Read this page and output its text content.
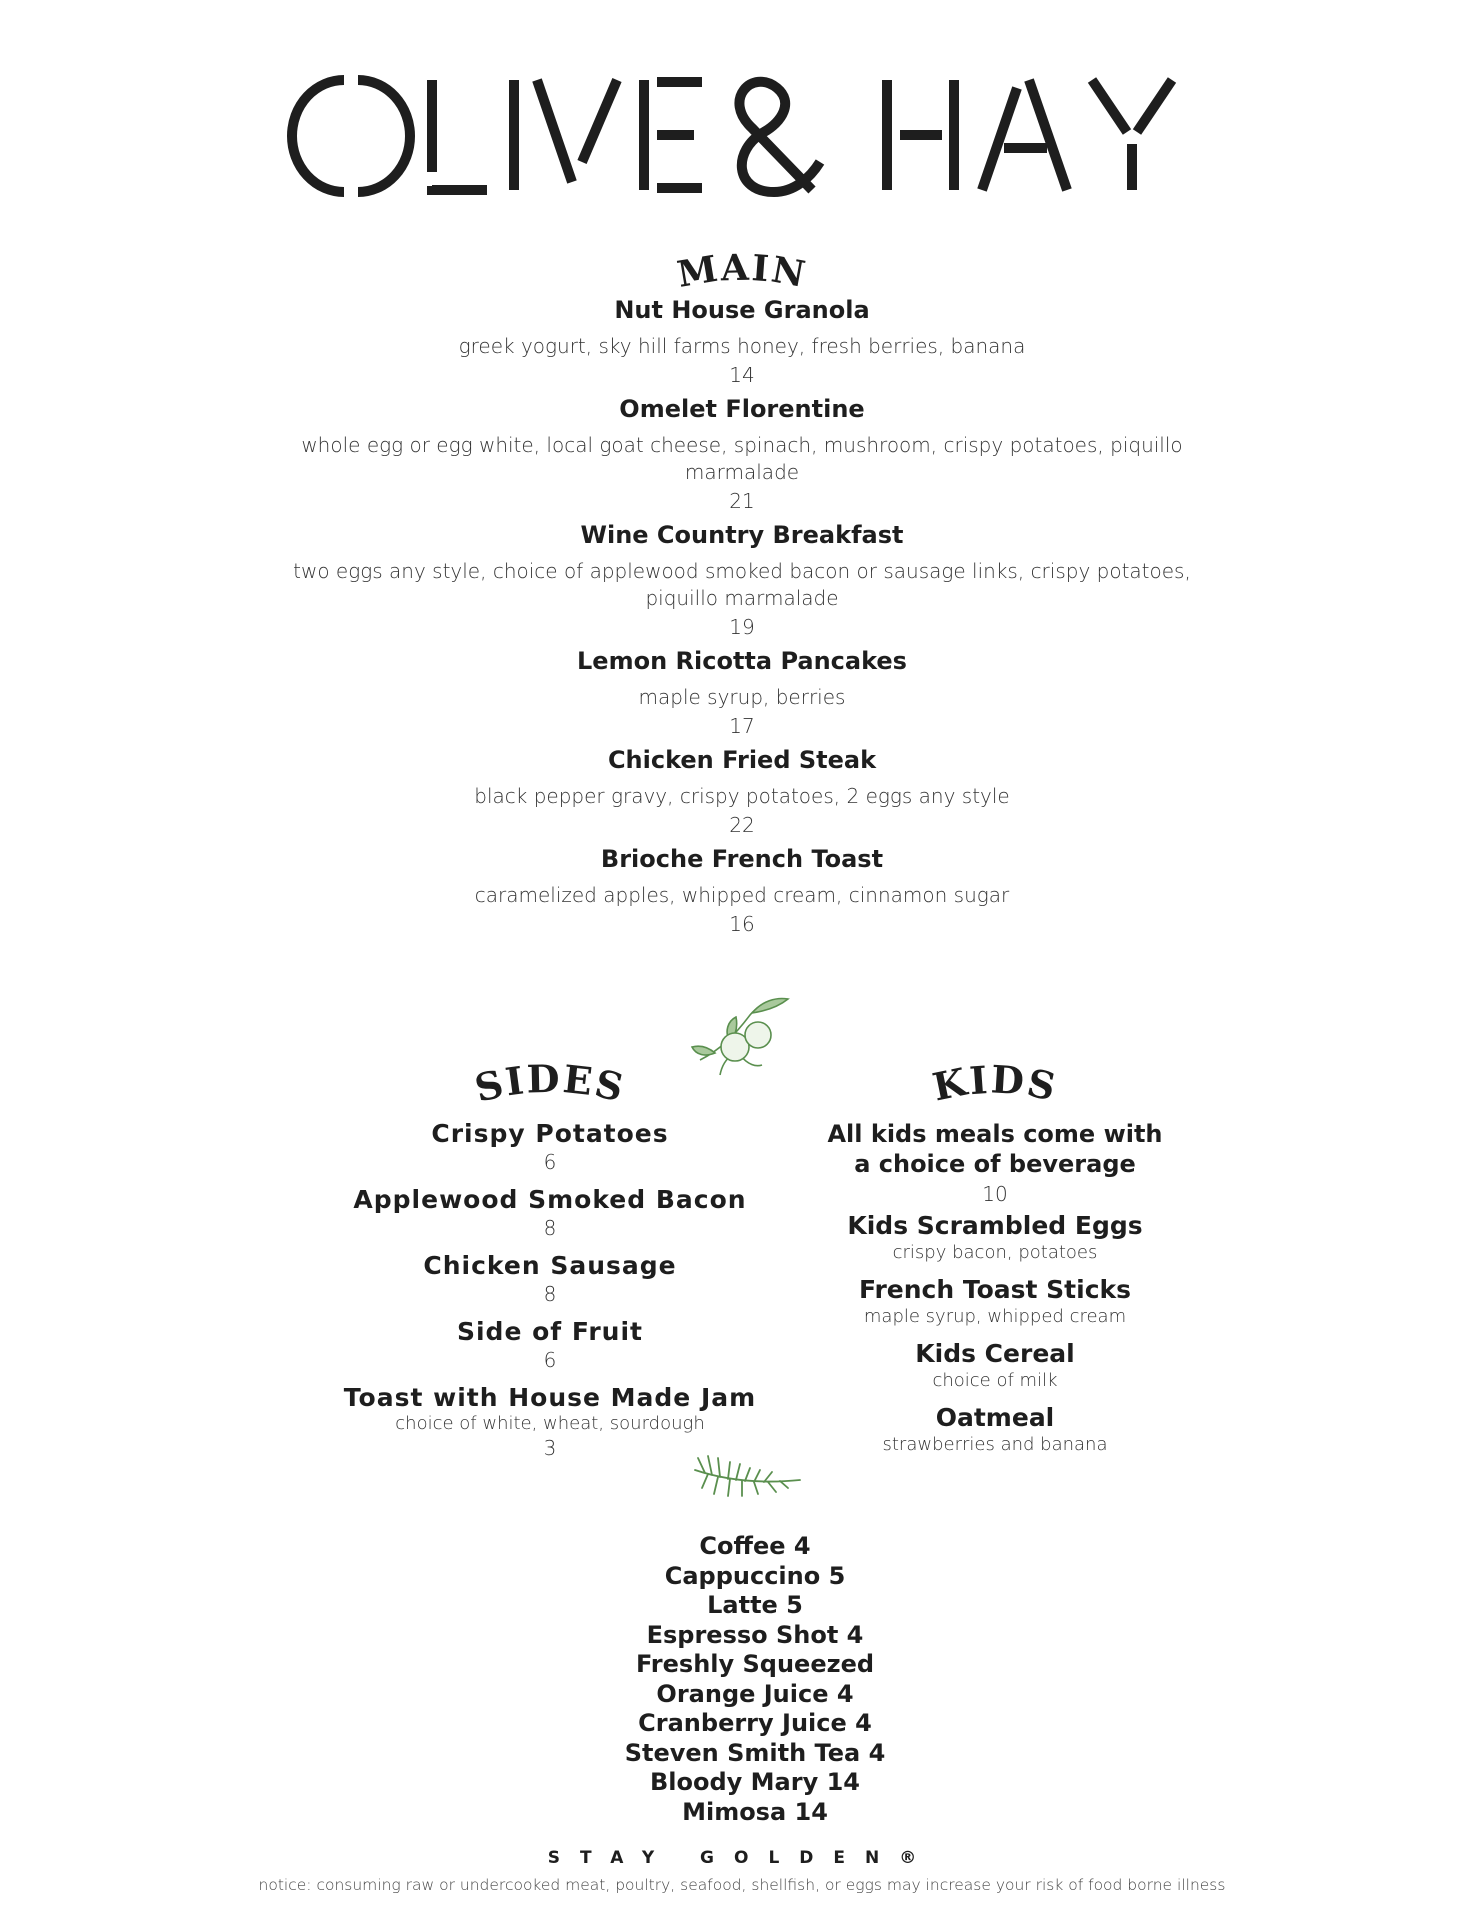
MAIN
Nut House Granola
greek yogurt, sky hill farms honey, fresh berries, banana
14
Omelet Florentine
whole egg or egg white, local goat cheese, spinach, mushroom, crispy potatoes, piquillo marmalade
21
Wine Country Breakfast
two eggs any style, choice of applewood smoked bacon or sausage links, crispy potatoes, piquillo marmalade
19
Lemon Ricotta Pancakes
maple syrup, berries
17
Chicken Fried Steak
black pepper gravy, crispy potatoes, 2 eggs any style
22
Brioche French Toast
caramelized apples, whipped cream, cinnamon sugar
16
SIDES
Crispy Potatoes
6
Applewood Smoked Bacon
8
Chicken Sausage
8
Side of Fruit
6
Toast with House Made Jam
choice of white, wheat, sourdough
3
KIDS
All kids meals come with a choice of beverage
10
Kids Scrambled Eggs
crispy bacon, potatoes
French Toast Sticks
maple syrup, whipped cream
Kids Cereal
choice of milk
Oatmeal
strawberries and banana
Coffee 4
Cappuccino 5
Latte 5
Espresso Shot 4
Freshly Squeezed Orange Juice 4
Cranberry Juice 4
Steven Smith Tea 4
Bloody Mary 14
Mimosa 14
STAY GOLDEN®
notice: consuming raw or undercooked meat, poultry, seafood, shellfish, or eggs may increase your risk of food borne illness
